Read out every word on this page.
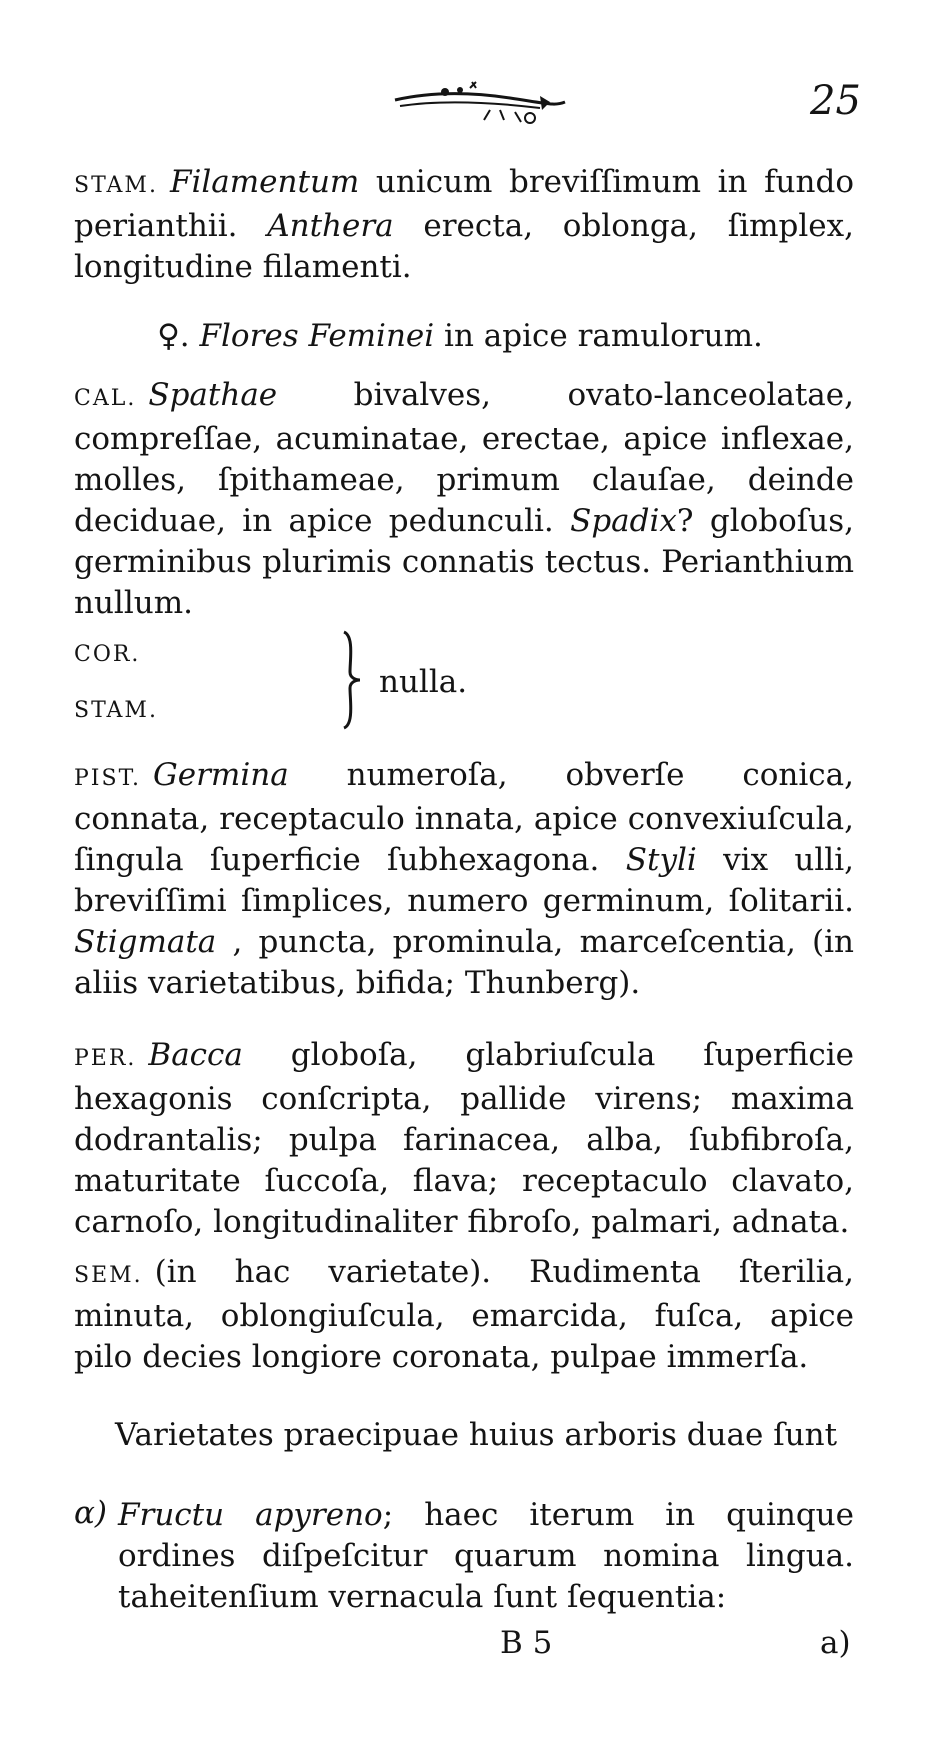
25
STAM. Filamentum unicum breviſſimum in fundo perianthii. Anthera erecta, oblonga, ſimplex, longitudine filamenti.
♀. Flores Feminei in apice ramulorum.
CAL. Spathae bivalves, ovato-lanceolatae, compreſſae, acuminatae, erectae, apice inflexae, molles, ſpithameae, primum clauſae, deinde deciduae, in apice pedunculi. Spadix? globoſus, germinibus plurimis connatis tectus. Perianthium nullum.
COR.
STAM.
nulla.
PIST. Germina numeroſa, obverſe conica, connata, receptaculo innata, apice convexiuſcula, ſingula ſuperficie ſubhexagona. Styli vix ulli, breviſſimi ſimplices, numero germinum, ſolitarii. Stigmata , puncta, prominula, marceſcentia, (in aliis varietatibus, bifida; Thunberg).
PER. Bacca globoſa, glabriuſcula ſuperficie hexagonis conſcripta, pallide virens; maxima dodrantalis; pulpa farinacea, alba, ſubfibroſa, maturitate ſuccoſa, flava; receptaculo clavato, carnoſo, longitudinaliter fibroſo, palmari, adnata.
SEM. (in hac varietate). Rudimenta ſterilia, minuta, oblongiuſcula, emarcida, fuſca, apice pilo decies longiore coronata, pulpae immerſa.
Varietates praecipuae huius arboris duae ſunt
α) Fructu apyreno; haec iterum in quinque ordines diſpeſcitur quarum nomina lingua. taheitenſium vernacula ſunt ſequentia:
B 5	a)
